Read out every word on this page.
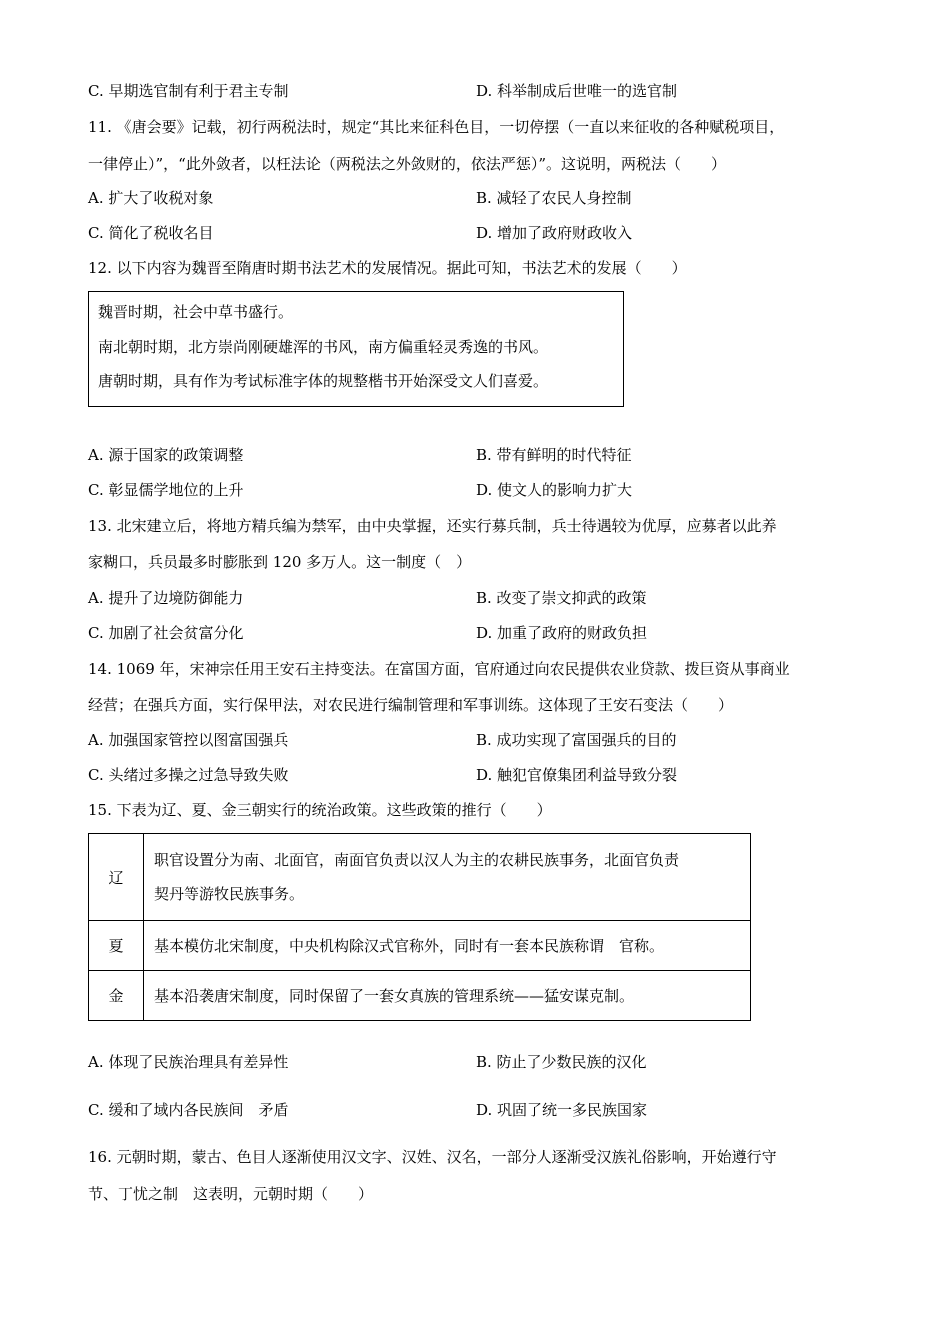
C. 早期选官制有利于君主专制	D. 科举制成后世唯一的选官制
11. 《唐会要》记载，初行两税法时，规定“其比来征科色目，一切停摆（一直以来征收的各种赋税项目，
一律停止）”，“此外敛者，以枉法论（两税法之外敛财的，依法严惩）”。这说明，两税法（　　）
A. 扩大了收税对象	B. 减轻了农民人身控制
C. 简化了税收名目	D. 增加了政府财政收入
12. 以下内容为魏晋至隋唐时期书法艺术的发展情况。据此可知，书法艺术的发展（　　）
魏晋时期，社会中草书盛行。
南北朝时期，北方崇尚刚硬雄浑的书风，南方偏重轻灵秀逸的书风。
唐朝时期，具有作为考试标准字体的规整楷书开始深受文人们喜爱。
A. 源于国家的政策调整	B. 带有鲜明的时代特征
C. 彰显儒学地位的上升	D. 使文人的影响力扩大
13. 北宋建立后，将地方精兵编为禁军，由中央掌握，还实行募兵制，兵士待遇较为优厚，应募者以此养
家糊口，兵员最多时膨胀到 120 多万人。这一制度（　）
A. 提升了边境防御能力	B. 改变了崇文抑武的政策
C. 加剧了社会贫富分化	D. 加重了政府的财政负担
14. 1069 年，宋神宗任用王安石主持变法。在富国方面，官府通过向农民提供农业贷款、拨巨资从事商业
经营；在强兵方面，实行保甲法，对农民进行编制管理和军事训练。这体现了王安石变法（　　）
A. 加强国家管控以图富国强兵	B. 成功实现了富国强兵的目的
C. 头绪过多操之过急导致失败	D. 触犯官僚集团利益导致分裂
15. 下表为辽、夏、金三朝实行的统治政策。这些政策的推行（　　）
辽	职官设置分为南、北面官，南面官负责以汉人为主的农耕民族事务，北面官负责
契丹等游牧民族事务。

夏	基本模仿北宋制度，中央机构除汉式官称外，同时有一套本民族称谓　官称。

金	基本沿袭唐宋制度，同时保留了一套女真族的管理系统——猛安谋克制。
A. 体现了民族治理具有差异性	B. 防止了少数民族的汉化
C. 缓和了域内各民族间　矛盾	D. 巩固了统一多民族国家
16. 元朝时期，蒙古、色目人逐渐使用汉文字、汉姓、汉名，一部分人逐渐受汉族礼俗影响，开始遵行守
节、丁忧之制　这表明，元朝时期（　　）
